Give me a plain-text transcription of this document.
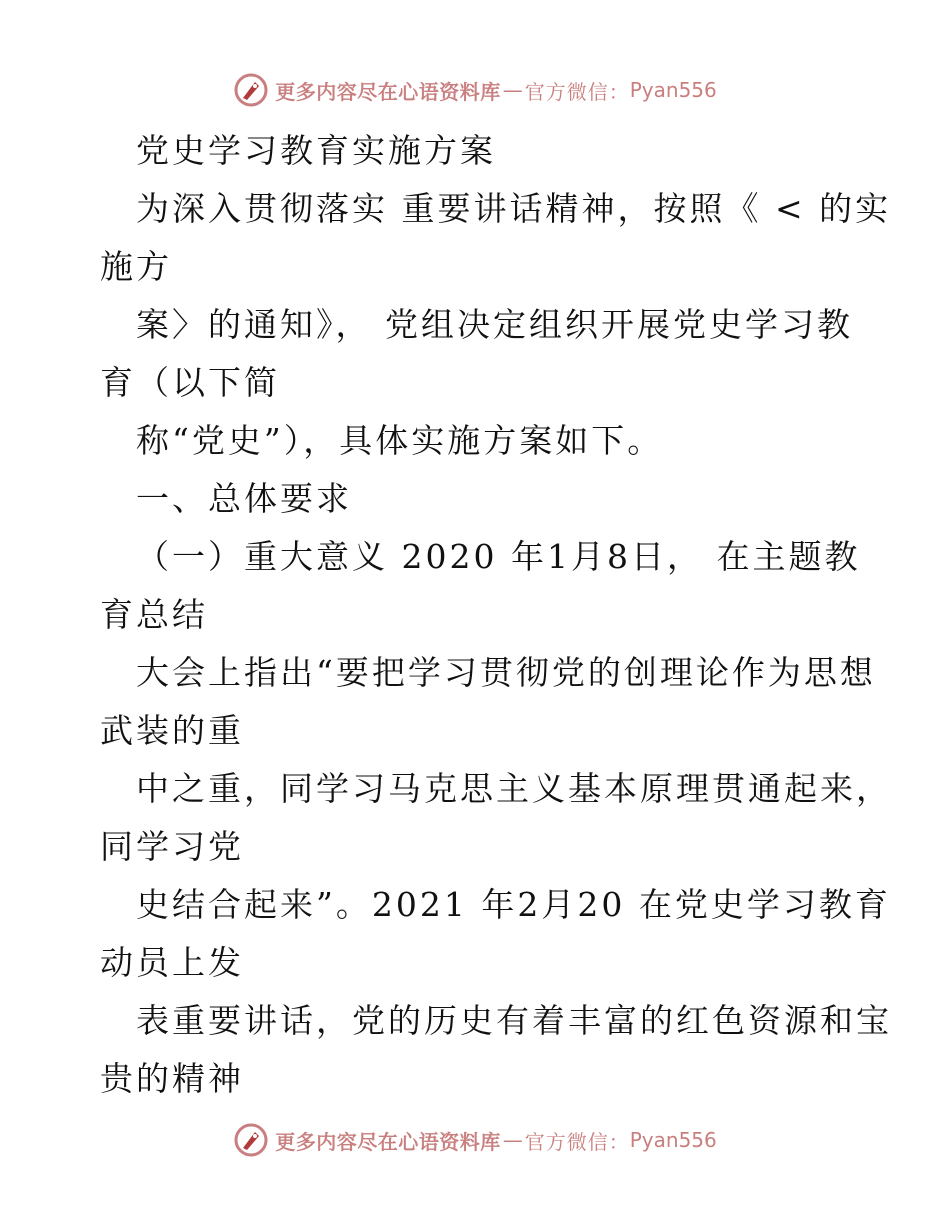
更多内容尽在心语资料库 — 官方微信： Pyan556
党史学习教育实施方案
为深入贯彻落实 重要讲话精神，按照《 < 的实
施方
案〉的通知》， 党组决定组织开展党史学习教
育（以下简
称“党史”），具体实施方案如下。
一、总体要求
（一）重大意义 2020 年1月8日， 在主题教
育总结
大会上指出“要把学习贯彻党的创理论作为思想
武装的重
中之重，同学习马克思主义基本原理贯通起来，
同学习党
史结合起来”。2021 年2月20 在党史学习教育
动员上发
表重要讲话，党的历史有着丰富的红色资源和宝
贵的精神
更多内容尽在心语资料库 — 官方微信： Pyan556
